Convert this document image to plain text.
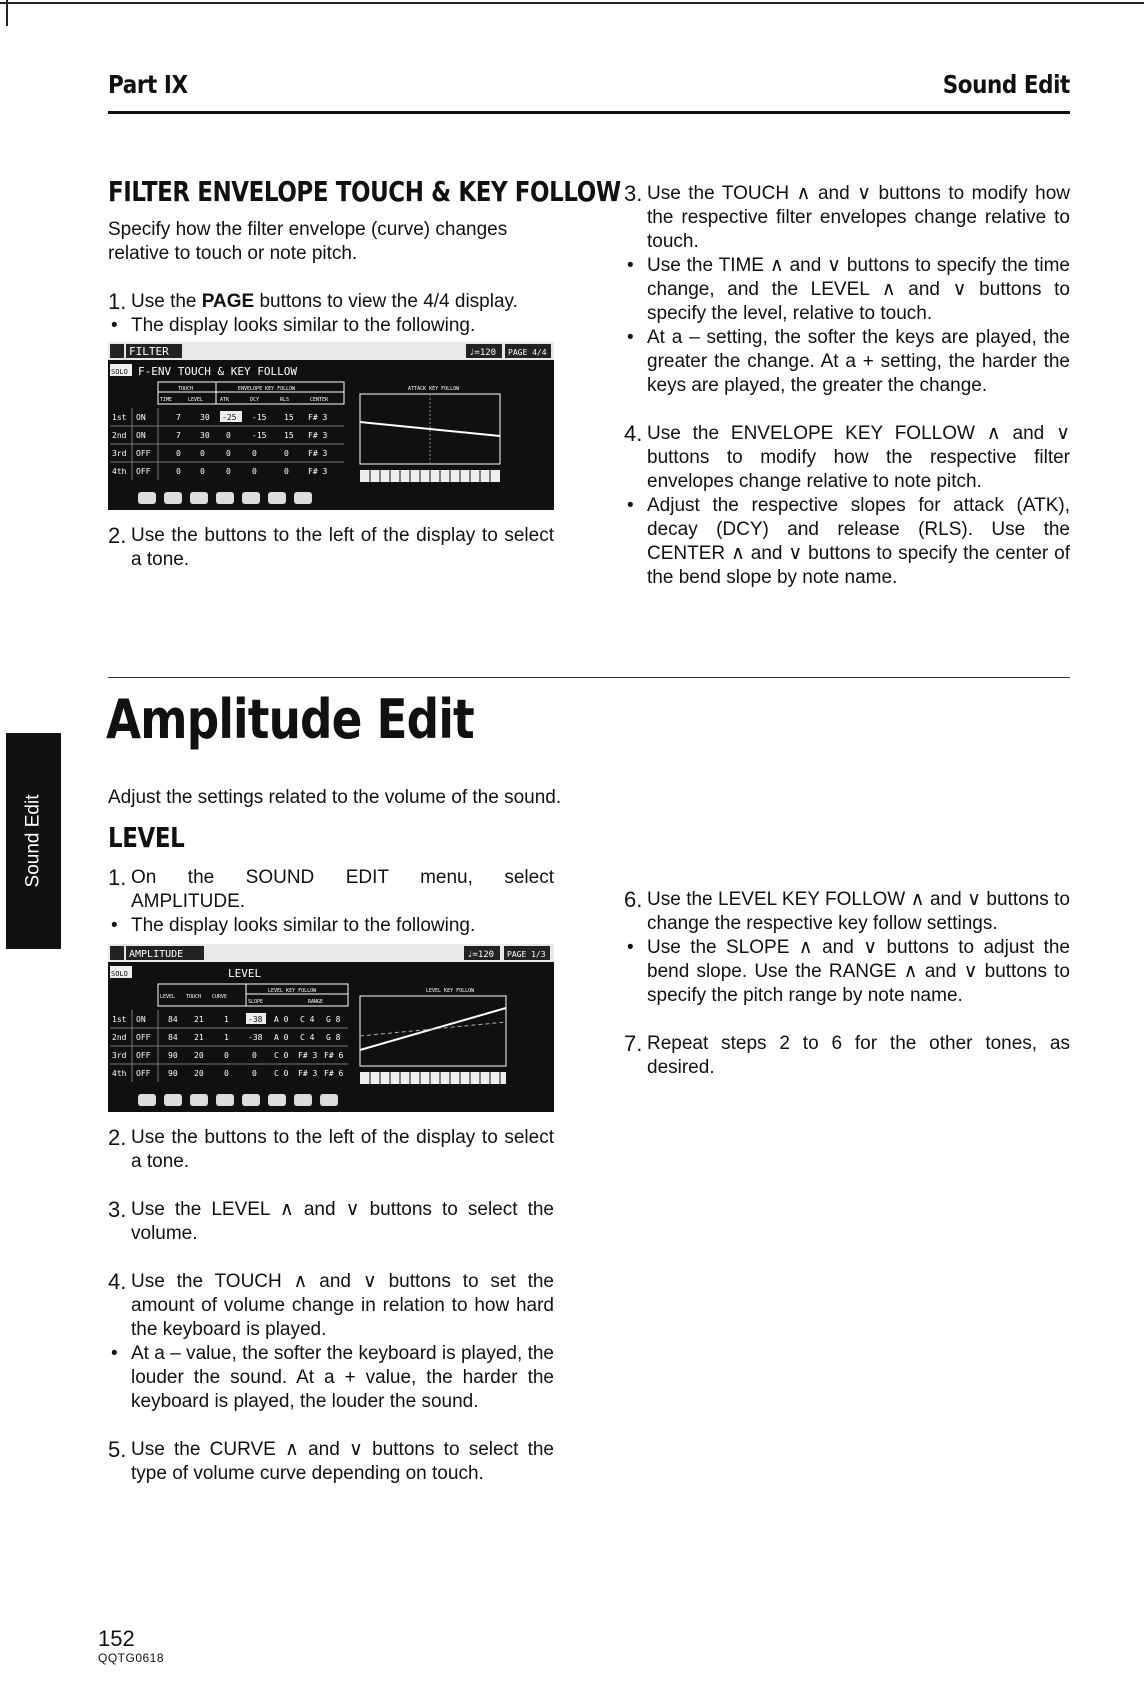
Part IX	Sound Edit
FILTER ENVELOPE TOUCH & KEY FOLLOW

Specify how the filter envelope (curve) changes relative to touch or note pitch.

1. Use the PAGE buttons to view the 4/4 display.
• The display looks similar to the following.
FILTER	♩=120 PAGE 4/4
SOLO F-ENV TOUCH & KEY FOLLOW
TOUCH	ENVELOPE KEY FOLLOW
TIME	LEVEL	ATK	DCY	RLS	CENTER
1st ON	7 30 -25 -15 15 F# 3
2nd ON	7 30 0	-15 15 F# 3
3rd OFF	0 0	0	0	0 F# 3
4th OFF	0 0	0	0	0 F# 3
ATTACK KEY FOLLOW
2. Use the buttons to the left of the display to select a tone.
3. Use the TOUCH ∧ and ∨ buttons to modify how the respective filter envelopes change relative to touch.
• Use the TIME ∧ and ∨ buttons to specify the time change, and the LEVEL ∧ and ∨ buttons to specify the level, relative to touch.
• At a – setting, the softer the keys are played, the greater the change. At a + setting, the harder the keys are played, the greater the change.
4. Use the ENVELOPE KEY FOLLOW ∧ and ∨ buttons to modify how the respective filter envelopes change relative to note pitch.
• Adjust the respective slopes for attack (ATK), decay (DCY) and release (RLS). Use the CENTER ∧ and ∨ buttons to specify the center of the bend slope by note name.
Amplitude Edit
Sound Edit	Adjust the settings related to the volume of the sound.

LEVEL
1. On the SOUND EDIT menu, select AMPLITUDE.
• The display looks similar to the following.
AMPLITUDE	♩=120 PAGE 1/3
SOLO	LEVEL
LEVEL TOUCH CURVE
LEVEL KEY FOLLOW
SLOPE	RANGE
1st ON	84 21	1 -38 A 0 C 4 G 8
2nd OFF 84 21	1 -38 A 0 C 4 G 8
3rd OFF 90 20	0	0 C 0 F# 3 F# 6
4th OFF 90 20	0	0 C 0 F# 3 F# 6
LEVEL KEY FOLLOW
2. Use the buttons to the left of the display to select a tone.
3. Use the LEVEL ∧ and ∨ buttons to select the volume.
4. Use the TOUCH ∧ and ∨ buttons to set the amount of volume change in relation to how hard the keyboard is played.
• At a – value, the softer the keyboard is played, the louder the sound. At a + value, the harder the keyboard is played, the louder the sound.
5. Use the CURVE ∧ and ∨ buttons to select the type of volume curve depending on touch.
6. Use the LEVEL KEY FOLLOW ∧ and ∨ buttons to change the respective key follow settings.
• Use the SLOPE ∧ and ∨ buttons to adjust the bend slope. Use the RANGE ∧ and ∨ buttons to specify the pitch range by note name.
7. Repeat steps 2 to 6 for the other tones, as desired.
152
QQTG0618
